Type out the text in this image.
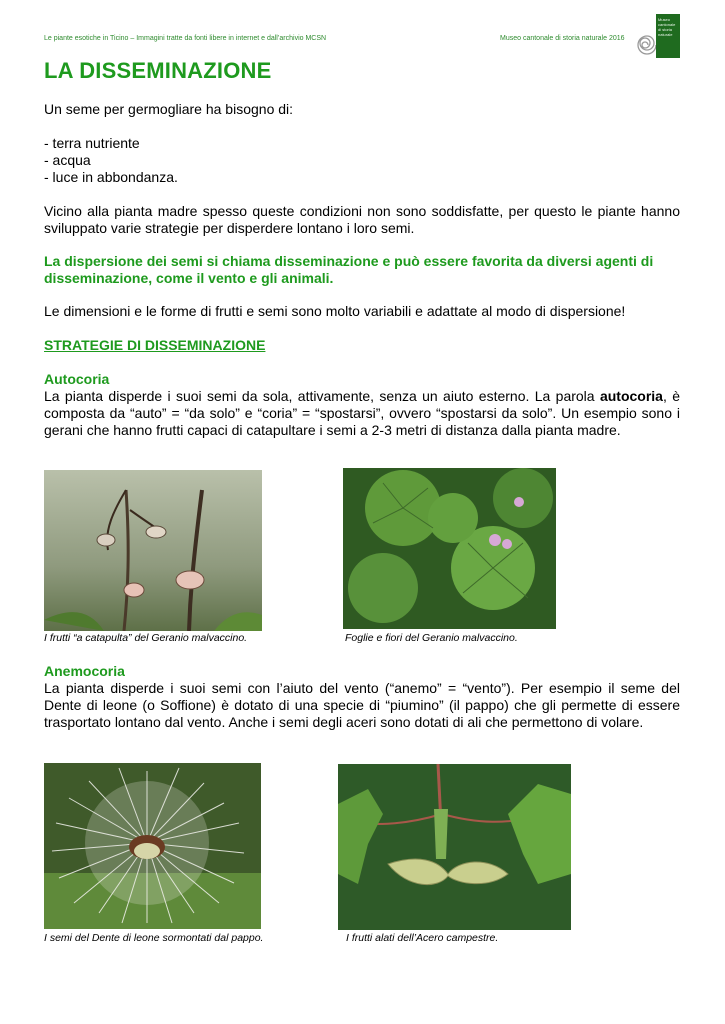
Le piante esotiche in Ticino – Immagini tratte da fonti libere in internet e dall’archivio MCSN	Museo cantonale di storia naturale 2016
Museo
cantonale
di storia
naturale
LA DISSEMINAZIONE

Un seme per germogliare ha bisogno di:

- terra nutriente

- acqua

- luce in abbondanza.

Vicino alla pianta madre spesso queste condizioni non sono soddisfatte, per questo le piante hanno sviluppato varie strategie per disperdere lontano i loro semi.

La dispersione dei semi si chiama disseminazione e può essere favorita da diversi agenti di disseminazione, come il vento e gli animali.

Le dimensioni e le forme di frutti e semi sono molto variabili e adattate al modo di dispersione!

STRATEGIE DI DISSEMINAZIONE

Autocoria

La pianta disperde i suoi semi da sola, attivamente, senza un aiuto esterno. La parola autocoria, è composta da “auto” = “da solo” e “coria” = “spostarsi”, ovvero “spostarsi da solo”. Un esempio sono i gerani che hanno frutti capaci di catapultare i semi a 2-3 metri di distanza dalla pianta madre.

I frutti “a catapulta” del Geranio malvaccino.	Foglie e fiori del Geranio malvaccino.

Anemocoria

La pianta disperde i suoi semi con l’aiuto del vento (“anemo” = “vento”). Per esempio il seme del Dente di leone (o Soffione) è dotato di una specie di “piumino” (il pappo) che gli permette di essere trasportato lontano dal vento. Anche i semi degli aceri sono dotati di ali che permettono di volare.

I semi del Dente di leone sormontati dal pappo.	I frutti alati dell’Acero campestre.
